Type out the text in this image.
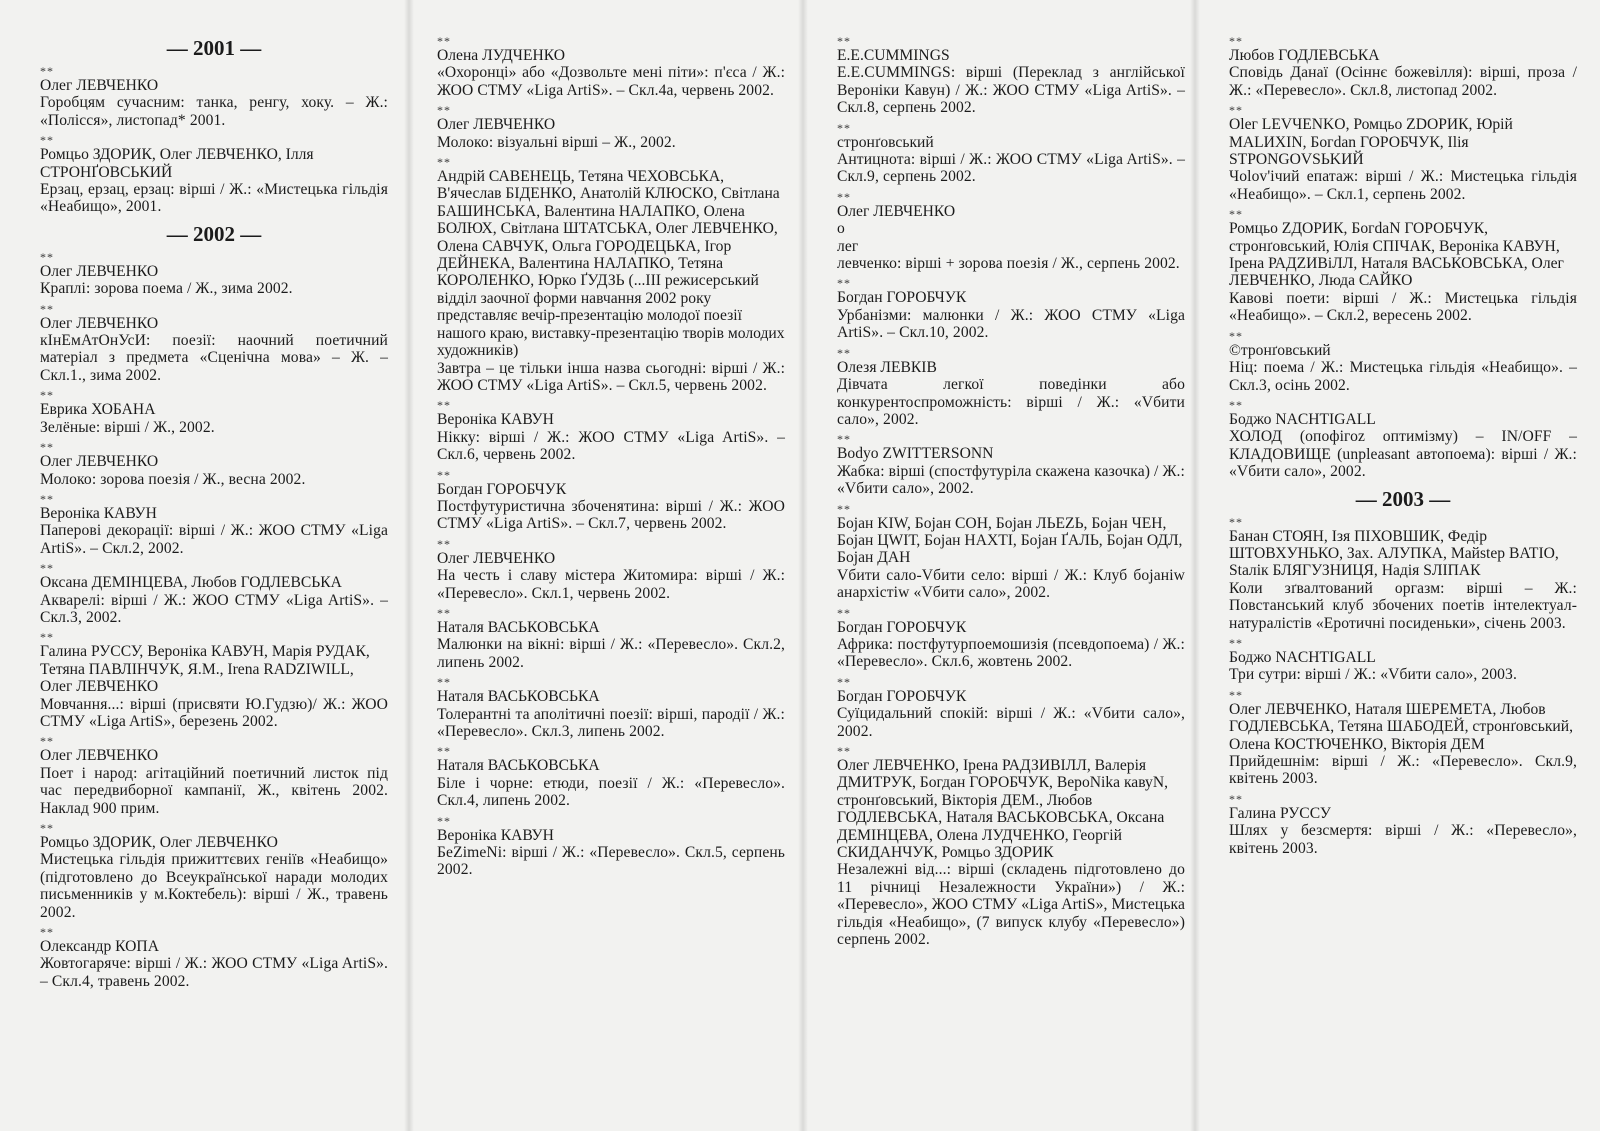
— 2001 —
**
Олег ЛЕВЧЕНКО
Горобцям сучасним: танка, ренгу, хоку. – Ж.: «Полісся», листопад* 2001.
**
Ромцьо ЗДОРИК, Олег ЛЕВЧЕНКО, Ілля СТРОНҐОВСЬКИЙ
Ерзац, ерзац, ерзац: вірші / Ж.: «Мистецька гільдія «Неабищо», 2001.
— 2002 —
**
Олег ЛЕВЧЕНКО
Краплі: зорова поема / Ж., зима 2002.
**
Олег ЛЕВЧЕНКО
кІнЕмАтОнУсИ: поезії: наочний поетичний матеріал з предмета «Сценічна мова» – Ж. – Скл.1., зима 2002.
**
Еврика ХОБАНА
Зелёные: вірші / Ж., 2002.
**
Олег ЛЕВЧЕНКО
Молоко: зорова поезія / Ж., весна 2002.
**
Вероніка КАВУН
Паперові декорації: вірші / Ж.: ЖОО СТМУ «Liga ArtiS». – Скл.2, 2002.
**
Оксана ДЕМІНЦЕВА, Любов ГОДЛЕВСЬКА
Акварелі: вірші / Ж.: ЖОО СТМУ «Liga ArtiS». – Скл.3, 2002.
**
Галина РУССУ, Вероніка КАВУН, Марія РУДАК, Тетяна ПАВЛІНЧУК, Я.М., Irena RADZIWILL, Олег ЛЕВЧЕНКО
Мовчання...: вірші (присвяти Ю.Гудзю)/ Ж.: ЖОО СТМУ «Liga ArtiS», березень 2002.
**
Олег ЛЕВЧЕНКО
Поет і народ: агітаційний поетичний листок під час передвиборної кампанії, Ж., квітень 2002. Наклад 900 прим.
**
Ромцьо ЗДОРИК, Олег ЛЕВЧЕНКО
Мистецька гільдія прижиттєвих геніїв «Неабищо» (підготовлено до Всеукраїнської наради молодих письменників у м.Коктебель): вірші / Ж., травень 2002.
**
Олександр КОПА
Жовтогаряче: вірші / Ж.: ЖОО СТМУ «Liga ArtiS». – Скл.4, травень 2002.
**
Олена ЛУДЧЕНКО
«Охоронці» або «Дозвольте мені піти»: п'єса / Ж.: ЖОО СТМУ «Liga ArtiS». – Скл.4а, червень 2002.
**
Олег ЛЕВЧЕНКО
Молоко: візуальні вірші – Ж., 2002.
**
Андрій САВЕНЕЦЬ, Тетяна ЧЕХОВСЬКА, В'ячеслав БІДЕНКО, Анатолій КЛЮСКО, Світлана БАШИНСЬКА, Валентина НАЛАПКО, Олена БОЛЮХ, Світлана ШТАТСЬКА, Олег ЛЕВЧЕНКО, Олена САВЧУК, Ольга ГОРОДЕЦЬКА, Ігор ДЕЙНЕКА, Валентина НАЛАПКО, Тетяна КОРОЛЕНКО, Юрко ҐУДЗЬ (...ІІІ режисерський відділ заочної форми навчання 2002 року представляє вечір-презентацію молодої поезії нашого краю, виставку-презентацію творів молодих художників)
Завтра – це тільки інша назва сьогодні: вірші / Ж.: ЖОО СТМУ «Liga ArtiS». – Скл.5, червень 2002.
**
Вероніка КАВУН
Нікку: вірші / Ж.: ЖОО СТМУ «Liga ArtiS». – Скл.6, червень 2002.
**
Богдан ГОРОБЧУК
Постфутуристична збоченятина: вірші / Ж.: ЖОО СТМУ «Liga ArtiS». – Скл.7, червень 2002.
**
Олег ЛЕВЧЕНКО
На честь і славу містера Житомира: вірші / Ж.: «Перевесло». Скл.1, червень 2002.
**
Наталя ВАСЬКОВСЬКА
Малюнки на вікні: вірші / Ж.: «Перевесло». Скл.2, липень 2002.
**
Наталя ВАСЬКОВСЬКА
Толерантні та аполітичні поезії: вірші, пародії / Ж.: «Перевесло». Скл.3, липень 2002.
**
Наталя ВАСЬКОВСЬКА
Біле і чорне: етюди, поезії / Ж.: «Перевесло». Скл.4, липень 2002.
**
Вероніка КАВУН
БеZimeNi: вірші / Ж.: «Перевесло». Скл.5, серпень 2002.
**
E.E.CUMMINGS
E.E.CUMMINGS: вірші (Переклад з англійської Вероніки Кавун) / Ж.: ЖОО СТМУ «Liga ArtiS». – Скл.8, серпень 2002.
**
стронґовський
Антицнота: вірші / Ж.: ЖОО СТМУ «Liga ArtiS». – Скл.9, серпень 2002.
**
Олег ЛЕВЧЕНКО
о
лег
левченко: вірші + зорова поезія / Ж., серпень 2002.
**
Богдан ГОРОБЧУК
Урбанізми: малюнки / Ж.: ЖОО СТМУ «Liga ArtiS». – Скл.10, 2002.
**
Олезя ЛЕВКІВ
Дівчата легкої поведінки або конкурентоспроможність: вірші / Ж.: «Vбити сало», 2002.
**
Bodyo ZWITTERSONN
Жабка: вірші (спостфутуріла скажена казочка) / Ж.: «Vбити сало», 2002.
**
Бојан KIW, Бојан СОН, Бојан ЛЬЕZЬ, Бојан ЧЕН, Бојан ЦWIТ, Бојан НАХТІ, Бојан ҐАЛЬ, Бојан ОДЛ, Бојан ДАН
Vбити сало-Vбити село: вірші / Ж.: Клуб бојаніw анархістіw «Vбити сало», 2002.
**
Богдан ГОРОБЧУК
Африка: постфутурпоемошизія (псевдопоема) / Ж.: «Перевесло». Скл.6, жовтень 2002.
**
Богдан ГОРОБЧУК
Суїцидальний спокій: вірші / Ж.: «Vбити сало», 2002.
**
Олег ЛЕВЧЕНКО, Ірена РАДЗИВІЛЛ, Валерія ДМИТРУК, Богдан ГОРОБЧУК, ВероNіka кавуN, стронґовський, Вікторія ДЕМ., Любов ГОДЛЕВСЬКА, Наталя ВАСЬКОВСЬКА, Оксана ДЕМІНЦЕВА, Олена ЛУДЧЕНКО, Георгій СКИДАНЧУК, Ромцьо ЗДОРИК
Незалежні від...: вірші (складень підготовлено до 11 річниці Незалежности України») / Ж.: «Перевесло», ЖОО СТМУ «Liga ArtiS», Мистецька гільдія «Неабищо», (7 випуск клубу «Перевесло») серпень 2002.
**
Любов ГОДЛЕВСЬКА
Сповідь Данаї (Осіннє божевілля): вірші, проза / Ж.: «Перевесло». Скл.8, листопад 2002.
**
Oleг LEVЧENKO, Ромцьо ZDОРИК, Юрій MALИXIN, Богdan ГОРОБЧУК, Ilія STPONGOVSЬKИЙ
Чolov'ічий епатаж: вірші / Ж.: Мистецька гільдія «Неабищо». – Скл.1, серпень 2002.
**
Ромцьо ZДОРИК, БогdaN ГОРОБЧУК, стронґовський, Юлія СПІЧАК, Вероніка КАВУН, Ірена РАДZИВіЛЛ, Наталя ВАСЬКОВСЬКА, Олег ЛЕВЧЕНКО, Люда САЙКО
Кавові поети: вірші / Ж.: Мистецька гільдія «Неабищо». – Скл.2, вересень 2002.
**
©тронґовський
Ніц: поема / Ж.: Мистецька гільдія «Неабищо». – Скл.3, осінь 2002.
**
Боджо NACHTIGALL
ХОЛОД (опофігоz оптимізму) – IN/OFF – КЛАДОВИЩЕ (unpleasant автопоема): вірші / Ж.: «Vбити сало», 2002.
— 2003 —
**
Банан СТОЯН, Ізя ПІХОВШИК, Федір ШТОВХУНЬКО, Зах. АЛУПКА, Майstep BATIO, Staлік БЛЯГУЗНИЦЯ, Надія SЛІПАК
Коли зґвалтований оргазм: вірші – Ж.: Повстанський клуб збочених поетів інтелектуал-натуралістів «Еротичні посиденьки», січень 2003.
**
Боджо NACHTIGALL
Три сутри: вірші / Ж.: «Vбити сало», 2003.
**
Олег ЛЕВЧЕНКО, Наталя ШЕРЕМЕТА, Любов ГОДЛЕВСЬКА, Тетяна ШАБОДЕЙ, стронґовський, Олена КОСТЮЧЕНКО, Вікторія ДЕМ
Прийдешнім: вірші / Ж.: «Перевесло». Скл.9, квітень 2003.
**
Галина РУССУ
Шлях у безсмертя: вірші / Ж.: «Перевесло», квітень 2003.
